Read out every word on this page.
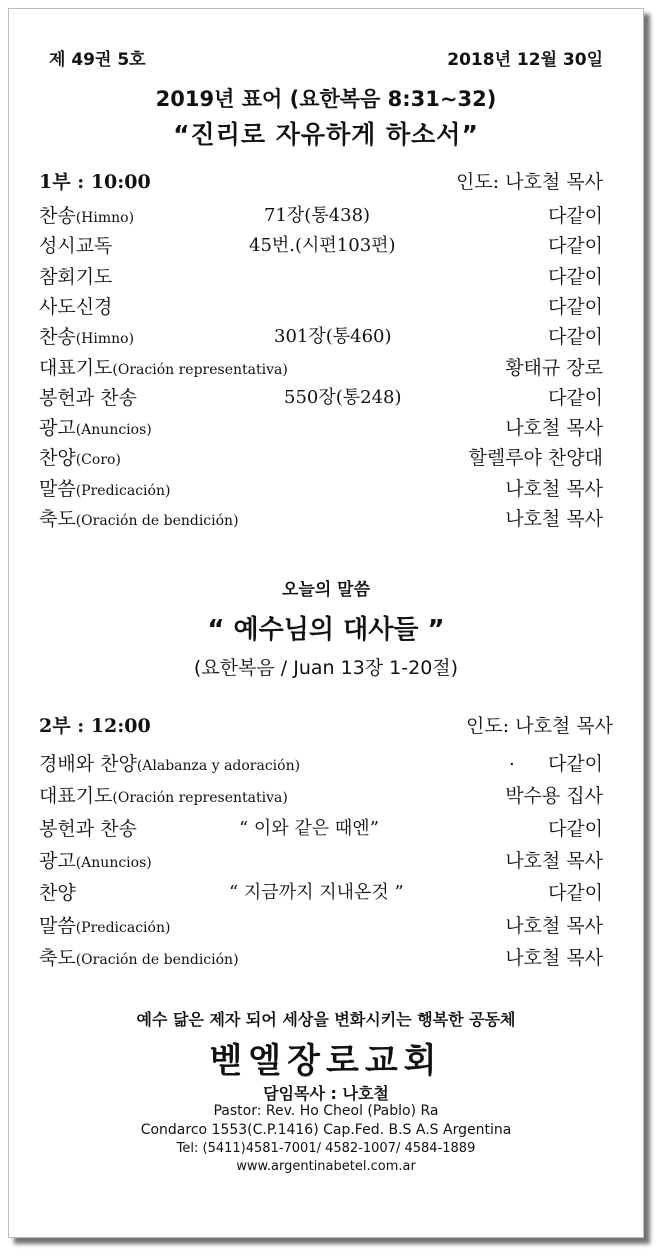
제 49권 5호	2018년 12월 30일
2019년 표어 (요한복음 8:31∼32)
“진리로 자유하게 하소서”
1부 : 10:00	인도: 나호철 목사
오늘의 말씀
“ 예수님의 대사들 ”
(요한복음 / Juan 13장 1-20절)
2부 : 12:00	인도: 나호철 목사
예수 닮은 제자 되어 세상을 변화시키는 행복한 공동체
벧엘장로교회
담임목사 : 나호철
Pastor: Rev. Ho Cheol (Pablo) Ra
Condarco 1553(C.P.1416) Cap.Fed. B.S A.S Argentina
Tel: (5411)4581-7001/ 4582-1007/ 4584-1889
www.argentinabetel.com.ar
찬송(Himno)	71장(통438)	다같이
성시교독	45번.(시편103편)	다같이
참회기도	다같이
사도신경	다같이
찬송(Himno)	301장(통460)	다같이
대표기도(Oración representativa)	황태규 장로
봉헌과 찬송	550장(통248)	다같이
광고(Anuncios)	나호철 목사
찬양(Coro)	할렐루야 찬양대
말씀(Predicación)	나호철 목사
축도(Oración de bendición)	나호철 목사
경배와 찬양(Alabanza y adoración)	. 다같이
대표기도(Oración representativa)	박수용 집사
봉헌과 찬송	“ 이와 같은 때엔”	다같이
광고(Anuncios)	나호철 목사
찬양	“ 지금까지 지내온것 ”	다같이
말씀(Predicación)	나호철 목사
축도(Oración de bendición)	나호철 목사
